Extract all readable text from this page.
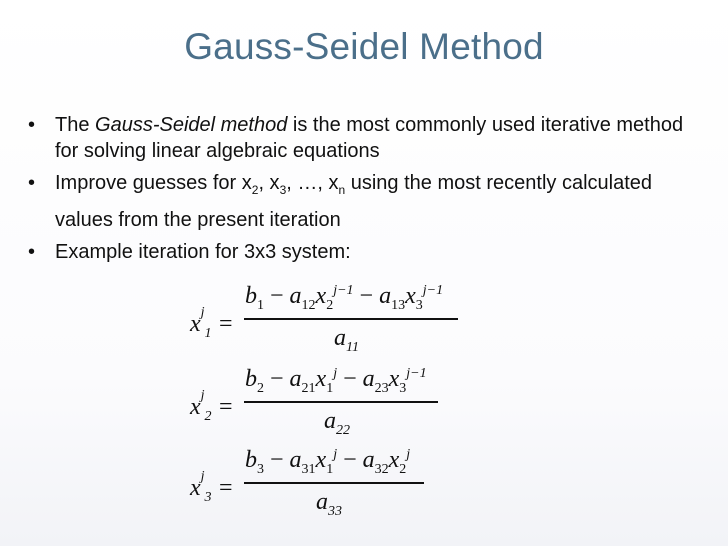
Gauss-Seidel Method
• The Gauss-Seidel method is the most commonly used iterative method for solving linear algebraic equations
• Improve guesses for $x_2$, $x_3$, …, $x_n$ using the most recently calculated values from the present iteration
• Example iteration for 3x3 system:
$x^j_1$ =
$b_1 - a_{12}x_2^{j-1} - a_{13}x_3^{j-1}$
$a_{11}$
$x^j_2$ =
$b_2 - a_{21}x_1^j - a_{23}x_3^{j-1}$
$a_{22}$
$x^j_3$ =
$b_3 - a_{31}x_1^j - a_{32}x_2^j$
$a_{33}$
